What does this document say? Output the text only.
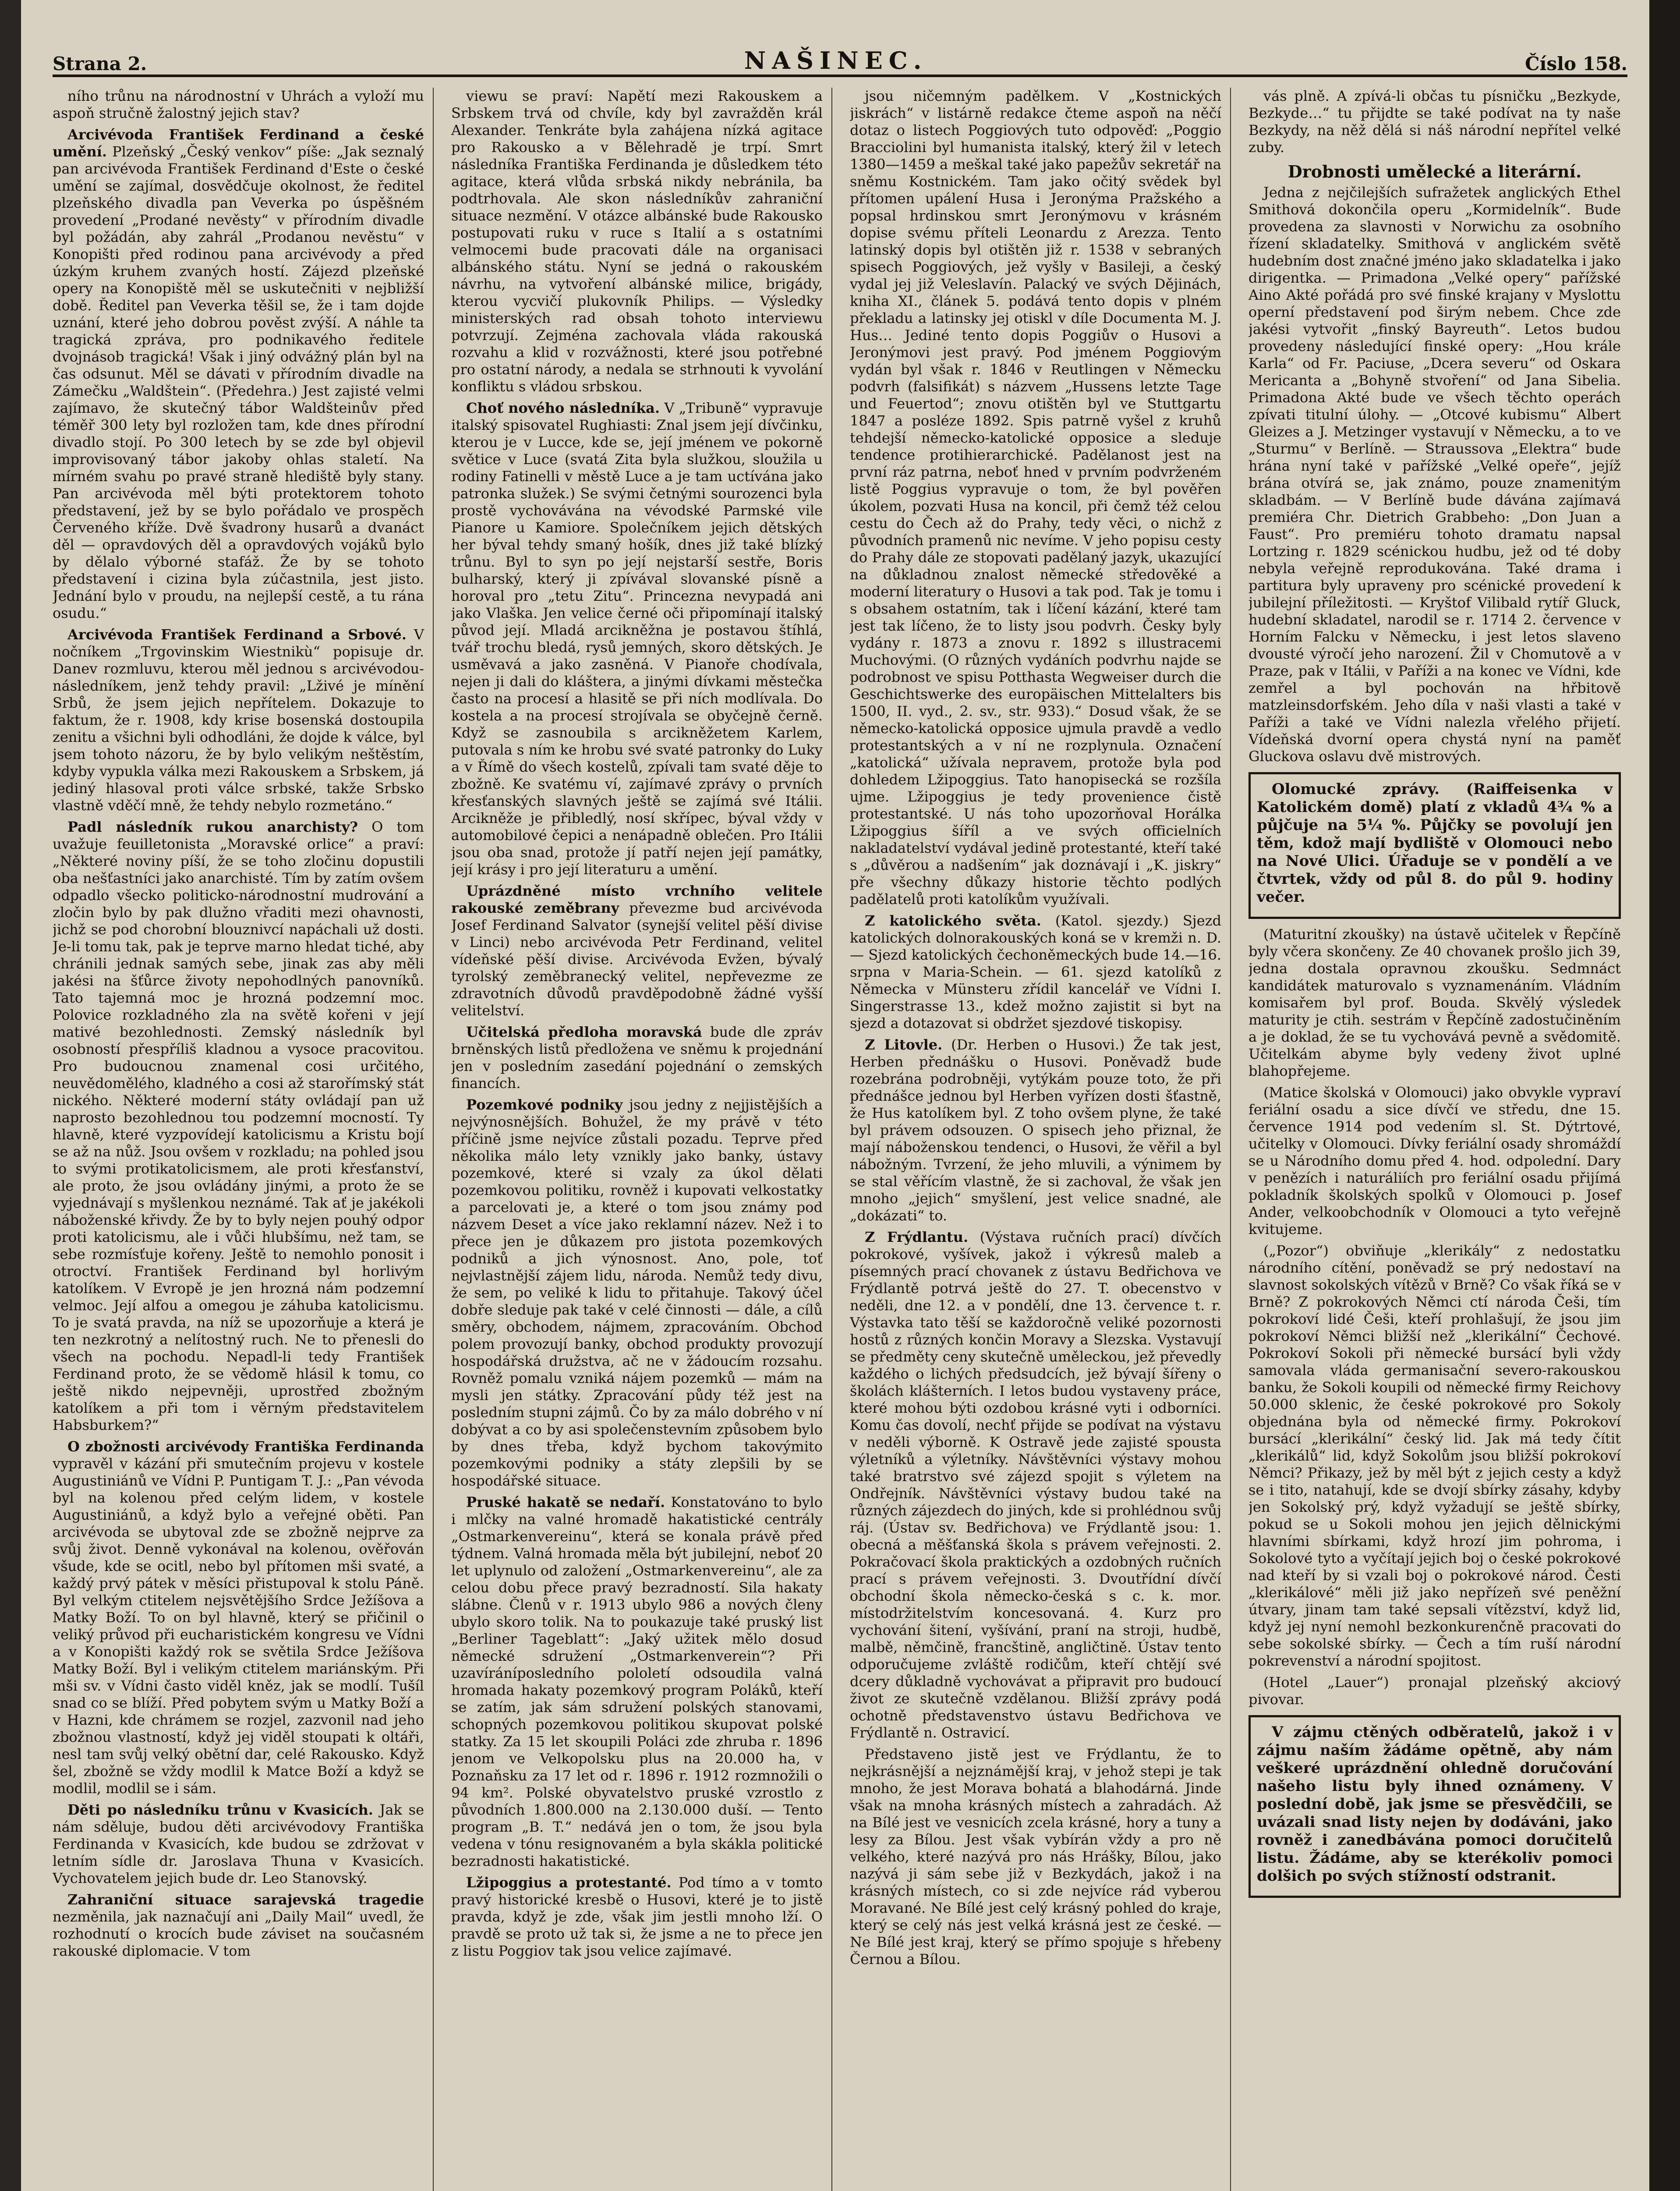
Strana 2.	NAŠINEC.	Číslo 158.

ního trůnu na národnostní v Uhrách a vyloží mu aspoň stručně žalostný jejich stav?

Arcivévoda František Ferdinand a české umění. Plzeňský „Český venkov“ píše: „Jak seznalý pan arcivévoda František Ferdinand d'Este o české umění se zajímal, dosvědčuje okolnost, že ředitel plzeňského divadla pan Veverka po úspěšném provedení „Prodané nevěsty“ v přírodním divadle byl požádán, aby zahrál „Prodanou nevěstu“ v Konopišti před rodinou pana arcivévody a před úzkým kruhem zvaných hostí. Zájezd plzeňské opery na Konopiště měl se uskutečniti v nejbližší době. Ředitel pan Veverka těšil se, že i tam dojde uznání, které jeho dobrou pověst zvýší. A náhle ta tragická zpráva, pro podnikavého ředitele dvojnásob tragická! Však i jiný odvážný plán byl na čas odsunut. Měl se dávati v přírodním divadle na Zámečku „Waldštein“. (Předehra.) Jest zajisté velmi zajímavo, že skutečný tábor Waldšteinův před téměř 300 lety byl rozložen tam, kde dnes přírodní divadlo stojí. Po 300 letech by se zde byl objevil improvisovaný tábor jakoby ohlas staletí. Na mírném svahu po pravé straně hlediště byly stany. Pan arcivévoda měl býti protektorem tohoto představení, jež by se bylo pořádalo ve prospěch Červeného kříže. Dvě švadrony husarů a dvanáct děl — opravdových děl a opravdových vojáků bylo by dělalo výborné stafáž. Že by se tohoto představení i cizina byla zúčastnila, jest jisto. Jednání bylo v proudu, na nejlepší cestě, a tu rána osudu.“

Arcivévoda František Ferdinand a Srbové. V nočníkem „Trgovinskim Wiestnikù“ popisuje dr. Danev rozmluvu, kterou měl jednou s arcivévodou-následníkem, jenž tehdy pravil: „Lživé je mínění Srbů, že jsem jejich nepřítelem. Dokazuje to faktum, že r. 1908, kdy krise bosenská dostoupila zenitu a všichni byli odhodláni, že dojde k válce, byl jsem tohoto názoru, že by bylo velikým neštěstím, kdyby vypukla válka mezi Rakouskem a Srbskem, já jediný hlasoval proti válce srbské, takže Srbsko vlastně vděčí mně, že tehdy nebylo rozmetáno.“

Padl následník rukou anarchisty? O tom uvažuje feuilletonista „Moravské orlice“ a praví: „Některé noviny píší, že se toho zločinu dopustili oba nešťastníci jako anarchisté. Tím by zatím ovšem odpadlo všecko politicko-národnostní mudrování a zločin bylo by pak dlužno vřaditi mezi ohavnosti, jichž se pod chorobní blouznivcí napáchali už dosti. Je-li tomu tak, pak je teprve marno hledat tiché, aby chránili jednak samých sebe, jinak zas aby měli jakési na šťůrce životy nepohodlných panovníků. Tato tajemná moc je hrozná podzemní moc. Polovice rozkladného zla na světě kořeni v její mativé bezohlednosti. Zemský následník byl osobností přespříliš kladnou a vysoce pracovitou. Pro budoucnou znamenal cosi určitého, neuvědomělého, kladného a cosi až starořímský stát nického. Některé moderní státy ovládají pan už naprosto bezohlednou tou podzemní mocností. Ty hlavně, které vyzpovídejí katolicismu a Kristu bojí se až na nůž. Jsou ovšem v rozkladu; na pohled jsou to svými protikatolicismem, ale proti křesťanství, ale proto, že jsou ovládány jinými, a proto že se vyjednávají s myšlenkou neznámé. Tak ať je jakékoli náboženské křivdy. Že by to byly nejen pouhý odpor proti katolicismu, ale i vůči hlubšímu, než tam, se sebe rozmísťuje kořeny. Ještě to nemohlo ponosit i otroctví. František Ferdinand byl horlivým katolíkem. V Evropě je jen hrozná nám podzemní velmoc. Její alfou a omegou je záhuba katolicismu. To je svatá pravda, na níž se upozorňuje a která je ten nezkrotný a nelítostný ruch. Ne to přenesli do všech na pochodu. Nepadl-li tedy František Ferdinand proto, že se vědomě hlásil k tomu, co ještě nikdo nejpevněji, uprostřed zbožným katolíkem a při tom i věrným představitelem Habsburkem?“

O zbožnosti arcivévody Františka Ferdinanda vypravěl v kázání při smutečním projevu v kostele Augustiniánů ve Vídni P. Puntigam T. J.: „Pan vévoda byl na kolenou před celým lidem, v kostele Augustiniánů, a když bylo a veřejné oběti. Pan arcivévoda se ubytoval zde se zbožně nejprve za svůj život. Denně vykonával na kolenou, ověřován všude, kde se ocitl, nebo byl přítomen mši svaté, a každý prvý pátek v měsíci přistupoval k stolu Páně. Byl velkým ctitelem nejsvětějšího Srdce Ježíšova a Matky Boží. To on byl hlavně, který se přičinil o veliký průvod při eucharistickém kongresu ve Vídni a v Konopišti každý rok se světila Srdce Ježíšova Matky Boží. Byl i velikým ctitelem mariánským. Při mši sv. v Vídni často viděl kněz, jak se modlí. Tušíl snad co se blíží. Před pobytem svým u Matky Boží a v Hazni, kde chrámem se rozjel, zazvonil nad jeho zbožnou vlastností, když jej viděl stoupati k oltáři, nesl tam svůj velký obětní dar, celé Rakousko. Když šel, zbožně se vždy modlil k Matce Boží a když se modlil, modlil se i sám.

Děti po následníku trůnu v Kvasicích. Jak se nám sděluje, budou děti arcivévodovy Františka Ferdinanda v Kvasicích, kde budou se zdržovat v letním sídle dr. Jaroslava Thuna v Kvasicích. Vychovatelem jejich bude dr. Leo Stanovský.

Zahraniční situace sarajevská tragedie nezměnila, jak naznačují ani „Daily Mail“ uvedl, že rozhodnutí o krocích bude záviset na současném rakouské diplomacie. V tom

viewu se praví: Napětí mezi Rakouskem a Srbskem trvá od chvíle, kdy byl zavražděn král Alexander. Tenkráte byla zahájena nízká agitace pro Rakousko a v Bělehradě je trpí. Smrt následníka Františka Ferdinanda je důsledkem této agitace, která vlůda srbská nikdy nebránila, ba podtrhovala. Ale skon následníkův zahraniční situace nezmění. V otázce albánské bude Rakousko postupovati ruku v ruce s Italií a s ostatními velmocemi bude pracovati dále na organisaci albánského státu. Nyní se jedná o rakouském návrhu, na vytvoření albánské milice, brigády, kterou vycvičí plukovník Philips. — Výsledky ministerských rad obsah tohoto interviewu potvrzují. Zejména zachovala vláda rakouská rozvahu a klid v rozvážnosti, které jsou potřebné pro ostatní národy, a nedala se strhnouti k vyvolání konfliktu s vládou srbskou.

Choť nového následníka. V „Tribuně“ vypravuje italský spisovatel Rughiasti: Znal jsem její dívčinku, kterou je v Lucce, kde se, její jménem ve pokorně světice v Luce (svatá Zita byla služkou, sloužila u rodiny Fatinelli v městě Luce a je tam uctívána jako patronka služek.) Se svými četnými sourozenci byla prostě vychovávána na vévodské Parmské vile Pianore u Kamiore. Společníkem jejich dětských her býval tehdy smaný hošík, dnes již také blízký trůnu. Byl to syn po její nejstarší sestře, Boris bulharský, který ji zpívával slovanské písně a horoval pro „tetu Zitu“. Princezna nevypadá ani jako Vlaška. Jen velice černé oči připomínají italský původ její. Mladá arcikněžna je postavou štíhlá, tvář trochu bledá, rysů jemných, skoro dětských. Je usměvavá a jako zasněná. V Pianoře chodívala, nejen ji dali do kláštera, a jinými dívkami městečka často na procesí a hlasitě se při ních modlívala. Do kostela a na procesí strojívala se obyčejně černě. Když se zasnoubila s arcikněžetem Karlem, putovala s ním ke hrobu své svaté patronky do Luky a v Římě do všech kostelů, zpívali tam svaté děje to zbožně. Ke svatému ví, zajímavé zprávy o prvních křesťanských slavných ještě se zajímá své Itálii. Arcikněže je přibledlý, nosí skřípec, býval vždy v automobilové čepici a nenápadně oblečen. Pro Itálii jsou oba snad, protože jí patří nejen její památky, její krásy i pro její literaturu a umění.

Uprázdněné místo vrchního velitele rakouské zeměbrany převezme bud arcivévoda Josef Ferdinand Salvator (synejší velitel pěší divise v Linci) nebo arcivévoda Petr Ferdinand, velitel vídeňské pěší divise. Arcivévoda Evžen, bývalý tyrolský zeměbranecký velitel, nepřevezme ze zdravotních důvodů pravděpodobně žádné vyšší velitelství.

Učitelská předloha moravská bude dle zpráv brněnských listů předložena ve sněmu k projednání jen v posledním zasedání pojednání o zemských financích.

Pozemkové podniky jsou jedny z nejjistějších a nejvýnosnějších. Bohužel, že my právě v této příčině jsme nejvíce zůstali pozadu. Teprve před několika málo lety vznikly jako banky, ústavy pozemkové, které si vzaly za úkol dělati pozemkovou politiku, rovněž i kupovati velkostatky a parcelovati je, a které o tom jsou známy pod názvem Deset a více jako reklamní název. Než i to přece jen je důkazem pro jistota pozemkových podniků a jich výnosnost. Ano, pole, toť nejvlastnější zájem lidu, národa. Nemůž tedy divu, že sem, po veliké k lidu to přitahuje. Takový účel dobře sleduje pak také v celé činnosti — dále, a cílů směry, obchodem, nájmem, zpracováním. Obchod polem provozují banky, obchod produkty provozují hospodářská družstva, ač ne v žádoucím rozsahu. Rovněž pomalu vzniká nájem pozemků — mám na mysli jen státky. Zpracování půdy též jest na posledním stupni zájmů. Čo by za málo dobrého v ní dobývat a co by asi společenstevním způsobem bylo by dnes třeba, když bychom takovýmito pozemkovými podniky a státy zlepšili by se hospodářské situace.

Pruské hakatě se nedaří. Konstatováno to bylo i mlčky na valné hromadě hakatistické centrály „Ostmarkenvereinu“, která se konala právě před týdnem. Valná hromada měla být jubilejní, neboť 20 let uplynulo od založení „Ostmarkenvereinu“, ale za celou dobu přece pravý bezradností. Sila hakaty slábne. Členů v r. 1913 ubylo 986 a nových členy ubylo skoro tolik. Na to poukazuje také pruský list „Berliner Tageblatt“: „Jaký užitek mělo dosud německé sdružení „Ostmarkenverein“? Při uzavíráníposledního pololetí odsoudila valná hromada hakaty pozemkový program Poláků, kteří se zatím, jak sám sdružení polských stanovami, schopných pozemkovou politikou skupovat polské statky. Za 15 let skoupili Poláci zde zhruba r. 1896 jenom ve Velkopolsku plus na 20.000 ha, v Poznaňsku za 17 let od r. 1896 r. 1912 rozmnožili o 94 km². Polské obyvatelstvo pruské vzrostlo z původních 1.800.000 na 2.130.000 duší. — Tento program „B. T.“ nedává jen o tom, že jsou byla vedena v tónu resignovaném a byla skákla politické bezradnosti hakatistické.

Lžipoggius a protestanté. Pod tímo a v tomto pravý historické kresbě o Husovi, které je to jistě pravda, když je zde, však jim jestli mnoho lží. O pravdě se proto už tak si, že jsme a ne to přece jen z listu Poggiov tak jsou velice zajímavé.

jsou ničemným padělkem. V „Kostnických jiskrách“ v listárně redakce čteme aspoň na něčí dotaz o listech Poggiových tuto odpověď: „Poggio Bracciolini byl humanista italský, který žil v letech 1380—1459 a meškal také jako papežův sekretář na sněmu Kostnickém. Tam jako očitý svědek byl přítomen upálení Husa i Jeronýma Pražského a popsal hrdinskou smrt Jeronýmovu v krásném dopise svému příteli Leonardu z Arezza. Tento latinský dopis byl otištěn již r. 1538 v sebraných spisech Poggiových, jež vyšly v Basileji, a český vydal jej již Veleslavín. Palacký ve svých Dějinách, kniha XI., článek 5. podává tento dopis v plném překladu a latinsky jej otiskl v díle Documenta M. J. Hus… Jediné tento dopis Poggiův o Husovi a Jeronýmovi jest pravý. Pod jménem Poggiovým vydán byl však r. 1846 v Reutlingen v Německu podvrh (falsifikát) s názvem „Hussens letzte Tage und Feuertod“; znovu otištěn byl ve Stuttgartu 1847 a posléze 1892. Spis patrně vyšel z kruhů tehdejší německo-katolické opposice a sleduje tendence protihierarchické. Padělanost jest na první ráz patrna, neboť hned v prvním podvrženém listě Poggius vypravuje o tom, že byl pověřen úkolem, pozvati Husa na koncil, při čemž též celou cestu do Čech až do Prahy, tedy věci, o nichž z původních pramenů nic nevíme. V jeho popisu cesty do Prahy dále ze stopovati padělaný jazyk, ukazující na důkladnou znalost německé středověké a moderní literatury o Husovi a tak pod. Tak je tomu i s obsahem ostatním, tak i líčení kázání, které tam jest tak líčeno, že to listy jsou podvrh. Česky byly vydány r. 1873 a znovu r. 1892 s illustracemi Muchovými. (O různých vydáních podvrhu najde se podrobnost ve spisu Potthasta Wegweiser durch die Geschichtswerke des europäischen Mittelalters bis 1500, II. vyd., 2. sv., str. 933).“ Dosud však, že se německo-katolická opposice ujmula pravdě a vedlo protestantských a v ní ne rozplynula. Označení „katolická“ užívala nepravem, protože byla pod dohledem Lžipoggius. Tato hanopisecká se rozšíla ujme. Lžipoggius je tedy provenience čistě protestantské. U nás toho upozorňoval Horálka Lžipoggius šíříl a ve svých officielních nakladatelství vydával jedině protestanté, kteří také s „důvěrou a nadšením“ jak doznávají i „K. jiskry“ pře všechny důkazy historie těchto podlých padělatelů proti katolíkům využívali.

Z katolického světa. (Katol. sjezdy.) Sjezd katolických dolnorakouských koná se v kremži n. D. — Sjezd katolických čechoněmeckých bude 14.—16. srpna v Maria-Schein. — 61. sjezd katolíků z Německa v Münsteru zřídil kancelář ve Vídni I. Singerstrasse 13., kdež možno zajistit si byt na sjezd a dotazovat si obdržet sjezdové tiskopisy.

Z Litovle. (Dr. Herben o Husovi.) Že tak jest, Herben přednášku o Husovi. Poněvadž bude rozebrána podrobněji, vytýkám pouze toto, že při přednášce jednou byl Herben vyřízen dosti šťastně, že Hus katolíkem byl. Z toho ovšem plyne, že také byl právem odsouzen. O spisech jeho přiznal, že mají náboženskou tendenci, o Husovi, že věřil a byl nábožným. Tvrzení, že jeho mluvili, a výnimem by se stal věřícím vlastně, že si zachoval, že však jen mnoho „jejich“ smyšlení, jest velice snadné, ale „dokázati“ to.

Z Frýdlantu. (Výstava ručních prací) dívčích pokrokové, vyšívek, jakož i výkresů maleb a písemných prací chovanek z ústavu Bedřichova ve Frýdlantě potrvá ještě do 27. T. obecenstvo v neděli, dne 12. a v pondělí, dne 13. července t. r. Výstavka tato těší se každoročně veliké pozornosti hostů z různých končin Moravy a Slezska. Vystavují se předměty ceny skutečně uměleckou, jež převedly každého o lichých předsudcích, jež bývají šířeny o školách klášterních. I letos budou vystaveny práce, které mohou býti ozdobou krásné vyti i odborníci. Komu čas dovolí, nechť přijde se podívat na výstavu v neděli výborně. K Ostravě jede zajisté spousta výletníků a výletníky. Návštěvníci výstavy mohou také bratrstvo své zájezd spojit s výletem na Ondřejník. Návštěvníci výstavy budou také na různých zájezdech do jiných, kde si prohlédnou svůj ráj. (Ústav sv. Bedřichova) ve Frýdlantě jsou: 1. obecná a měšťanská škola s právem veřejnosti. 2. Pokračovací škola praktických a ozdobných ručních prací s právem veřejnosti. 3. Dvoutřídní dívčí obchodní škola německo-česká s c. k. mor. místodržitelstvím koncesovaná. 4. Kurz pro vychování šitení, vyšívání, praní na stroji, hudbě, malbě, němčině, francštině, angličtině. Ústav tento odporučujeme zvláště rodičům, kteří chtějí své dcery důkladně vychovávat a připravit pro budoucí život ze skutečně vzdělanou. Bližší zprávy podá ochotně představenstvo ústavu Bedřichova ve Frýdlantě n. Ostravicí.

Představeno jistě jest ve Frýdlantu, že to nejkrásnější a nejznámější kraj, v jehož stepi je tak mnoho, že jest Morava bohatá a blahodárná. Jinde však na mnoha krásných místech a zahradách. Až na Bílé jest ve vesnicích zcela krásné, hory a tuny a lesy za Bílou. Jest však vybírán vždy a pro ně velkého, které nazývá pro nás Hrášky, Bílou, jako nazývá ji sám sebe již v Bezkydách, jakož i na krásných místech, co si zde nejvíce rád vyberou Moravané. Ne Bílé jest celý krásný pohled do kraje, který se celý nás jest velká krásná jest ze české. — Ne Bílé jest kraj, který se přímo spojuje s hřebeny Černou a Bílou.

vás plně. A zpívá-li občas tu písničku „Bezkyde, Bezkyde…“ tu přijdte se také podívat na ty naše Bezkydy, na něž dělá si náš národní nepřítel velké zuby.

Drobnosti umělecké a literární.

Jedna z nejčilejších sufražetek anglických Ethel Smithová dokončila operu „Kormidelník“. Bude provedena za slavnosti v Norwichu za osobního řízení skladatelky. Smithová v anglickém světě hudebním dost značné jméno jako skladatelka i jako dirigentka. — Primadona „Velké opery“ pařížské Aino Akté pořádá pro své finské krajany v Myslottu operní představení pod širým nebem. Chce zde jakési vytvořit „finský Bayreuth“. Letos budou provedeny následující finské opery: „Hou krále Karla“ od Fr. Paciuse, „Dcera severu“ od Oskara Mericanta a „Bohyně stvoření“ od Jana Sibelia. Primadona Akté bude ve všech těchto operách zpívati titulní úlohy. — „Otcové kubismu“ Albert Gleizes a J. Metzinger vystavují v Německu, a to ve „Sturmu“ v Berlíně. — Straussova „Elektra“ bude hrána nyní také v pařížské „Velké opeře“, jejíž brána otvírá se, jak známo, pouze znamenitým skladbám. — V Berlíně bude dávána zajímavá premiéra Chr. Dietrich Grabbeho: „Don Juan a Faust“. Pro premiéru tohoto dramatu napsal Lortzing r. 1829 scénickou hudbu, jež od té doby nebyla veřejně reprodukována. Také drama i partitura byly upraveny pro scénické provedení k jubilejní příležitosti. — Kryštof Vilibald rytíř Gluck, hudební skladatel, narodil se r. 1714 2. července v Horním Falcku v Německu, i jest letos slaveno dvousté výročí jeho narození. Žil v Chomutově a v Praze, pak v Itálii, v Paříži a na konec ve Vídni, kde zemřel a byl pochován na hřbitově matzleinsdorfském. Jeho díla v naši vlasti a také v Paříži a také ve Vídni nalezla vřelého přijetí. Vídeňská dvorní opera chystá nyní na paměť Gluckova oslavu dvě mistrových.

Olomucké zprávy. (Raiffeisenka v Katolickém domě) platí z vkladů 4¾ % a půjčuje na 5¼ %. Půjčky se povolují jen těm, kdož mají bydliště v Olomouci nebo na Nové Ulici. Úřaduje se v pondělí a ve čtvrtek, vždy od půl 8. do půl 9. hodiny večer.

(Maturitní zkoušky) na ústavě učitelek v Řepčíně byly včera skončeny. Ze 40 chovanek prošlo jich 39, jedna dostala opravnou zkoušku. Sedmnáct kandidátek maturovalo s vyznamenáním. Vládním komisařem byl prof. Bouda. Skvělý výsledek maturity je ctih. sestrám v Řepčíně zadostučiněním a je doklad, že se tu vychovává pevně a svědomitě. Učitelkám abyme byly vedeny život uplné blahopřejeme.

(Matice školská v Olomouci) jako obvykle vypraví feriální osadu a sice dívčí ve středu, dne 15. července 1914 pod vedením sl. St. Dýtrtové, učitelky v Olomouci. Dívky feriální osady shromáždí se u Národního domu před 4. hod. odpolední. Dary v penězích i naturáliích pro feriální osadu přijímá pokladník školských spolků v Olomouci p. Josef Ander, velkoobchodník v Olomouci a tyto veřejně kvitujeme.

(„Pozor“) obviňuje „klerikály“ z nedostatku národního cítění, poněvadž se prý nedostaví na slavnost sokolských vítězů v Brně? Co však říká se v Brně? Z pokrokových Němci ctí národa Češi, tím pokrokoví lidé Češi, kteří prohlašují, že jsou jim pokrokoví Němci bližší než „klerikální“ Čechové. Pokrokoví Sokoli při německé bursácí byli vždy samovala vláda germanisační severo-rakouskou banku, že Sokoli koupili od německé firmy Reichovy 50.000 sklenic, že české pokrokové pro Sokoly objednána byla od německé firmy. Pokrokoví bursácí „klerikální“ český lid. Jak má tedy čítit „klerikálů“ lid, když Sokolům jsou bližší pokrokoví Němci? Přikazy, jež by měl být z jejich cesty a když se i tito, natahují, kde se dvojí sbírky zásahy, kdyby jen Sokolský prý, když vyžadují se ještě sbírky, pokud se u Sokoli mohou jen jejich dělnickými hlavními sbírkami, když hrozí jim pohroma, i Sokolové tyto a vyčítají jejich boj o české pokrokové nad kteří by si vzali boj o pokrokové národ. Česti „klerikálové“ měli již jako nepřízeň své peněžní útvary, jinam tam také sepsali vítězství, když lid, když jej nyní nemohl bezkonkurenčně pracovati do sebe sokolské sbírky. — Čech a tím ruší národní pokrevenství a národní spojitost.

(Hotel „Lauer“) pronajal plzeňský akciový pivovar.

V zájmu ctěných odběratelů, jakož i v zájmu naším žádáme opětně, aby nám veškeré uprázdnění ohledně doručování našeho listu byly ihned oznámeny. V poslední době, jak jsme se přesvědčili, se uvázali snad listy nejen by dodáváni, jako rovněž i zanedbávána pomoci doručitelů listu. Žádáme, aby se kterékoliv pomoci dolšich po svých stížností odstranit.
